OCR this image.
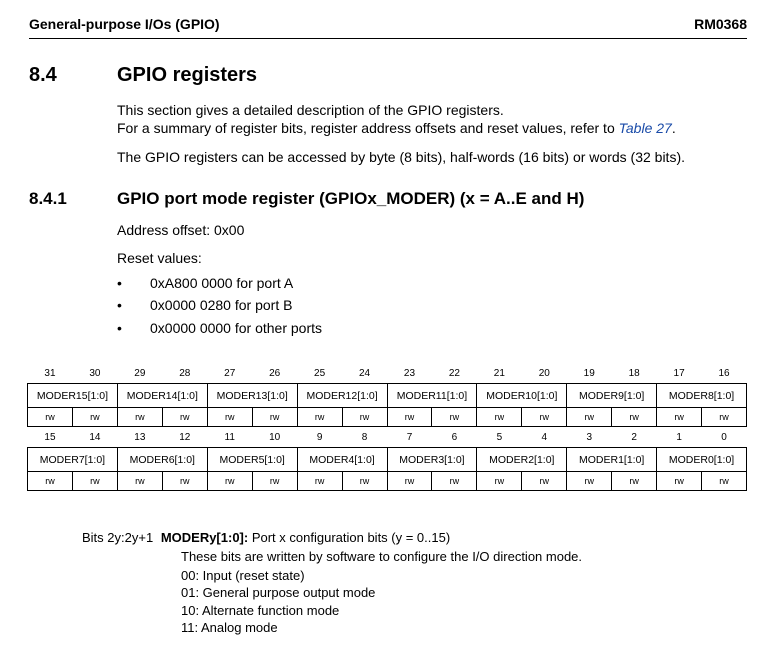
General-purpose I/Os (GPIO)	RM0368
8.4	GPIO registers
This section gives a detailed description of the GPIO registers.
For a summary of register bits, register address offsets and reset values, refer to Table 27.
The GPIO registers can be accessed by byte (8 bits), half-words (16 bits) or words (32 bits).
8.4.1	GPIO port mode register (GPIOx_MODER) (x = A..E and H)
Address offset: 0x00
Reset values:
• 0xA800 0000 for port A
• 0x0000 0280 for port B
• 0x0000 0000 for other ports
31	30	29	28	27	26	25	24	23	22	21	20	19	18	17	16
MODER15[1:0]		MODER14[1:0]		MODER13[1:0]		MODER12[1:0]		MODER11[1:0]		MODER10[1:0]		MODER9[1:0]		MODER8[1:0]	
rw	rw	rw	rw	rw	rw	rw	rw	rw	rw	rw	rw	rw	rw	rw	rw
15	14	13	12	11	10	9	8	7	6	5	4	3	2	1	0
MODER7[1:0]		MODER6[1:0]		MODER5[1:0]		MODER4[1:0]		MODER3[1:0]		MODER2[1:0]		MODER1[1:0]		MODER0[1:0]	
rw	rw	rw	rw	rw	rw	rw	rw	rw	rw	rw	rw	rw	rw	rw	rw
Bits 2y:2y+1 MODERy[1:0]: Port x configuration bits (y = 0..15)
These bits are written by software to configure the I/O direction mode.
00: Input (reset state)
01: General purpose output mode
10: Alternate function mode
11: Analog mode
